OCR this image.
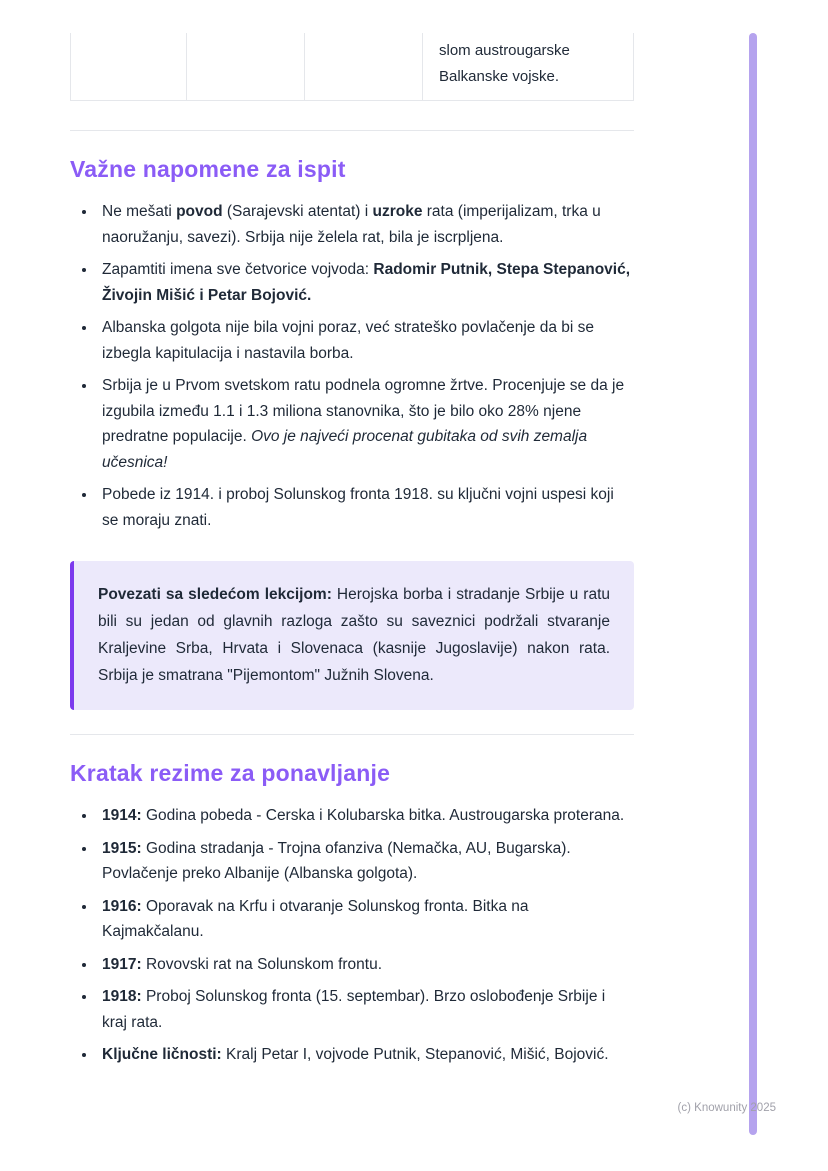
slom austrougarske Balkanske vojske.
Važne napomene za ispit
• Ne mešati povod (Sarajevski atentat) i uzroke rata (imperijalizam, trka u naoružanju, savezi). Srbija nije želela rat, bila je iscrpljena.
• Zapamtiti imena sve četvorice vojvoda: Radomir Putnik, Stepa Stepanović, Živojin Mišić i Petar Bojović.
• Albanska golgota nije bila vojni poraz, već strateško povlačenje da bi se izbegla kapitulacija i nastavila borba.
• Srbija je u Prvom svetskom ratu podnela ogromne žrtve. Procenjuje se da je izgubila između 1.1 i 1.3 miliona stanovnika, što je bilo oko 28% njene predratne populacije. Ovo je najveći procenat gubitaka od svih zemalja učesnica!
• Pobede iz 1914. i proboj Solunskog fronta 1918. su ključni vojni uspesi koji se moraju znati.

Povezati sa sledećom lekcijom: Herojska borba i stradanje Srbije u ratu bili su jedan od glavnih razloga zašto su saveznici podržali stvaranje Kraljevine Srba, Hrvata i Slovenaca (kasnije Jugoslavije) nakon rata. Srbija je smatrana "Pijemontom" Južnih Slovena.

Kratak rezime za ponavljanje
• 1914: Godina pobeda - Cerska i Kolubarska bitka. Austrougarska proterana.
• 1915: Godina stradanja - Trojna ofanziva (Nemačka, AU, Bugarska). Povlačenje preko Albanije (Albanska golgota).
• 1916: Oporavak na Krfu i otvaranje Solunskog fronta. Bitka na Kajmakčalanu.
• 1917: Rovovski rat na Solunskom frontu.
• 1918: Proboj Solunskog fronta (15. septembar). Brzo oslobođenje Srbije i kraj rata.
• Ključne ličnosti: Kralj Petar I, vojvode Putnik, Stepanović, Mišić, Bojović.
(c) Knowunity 2025
